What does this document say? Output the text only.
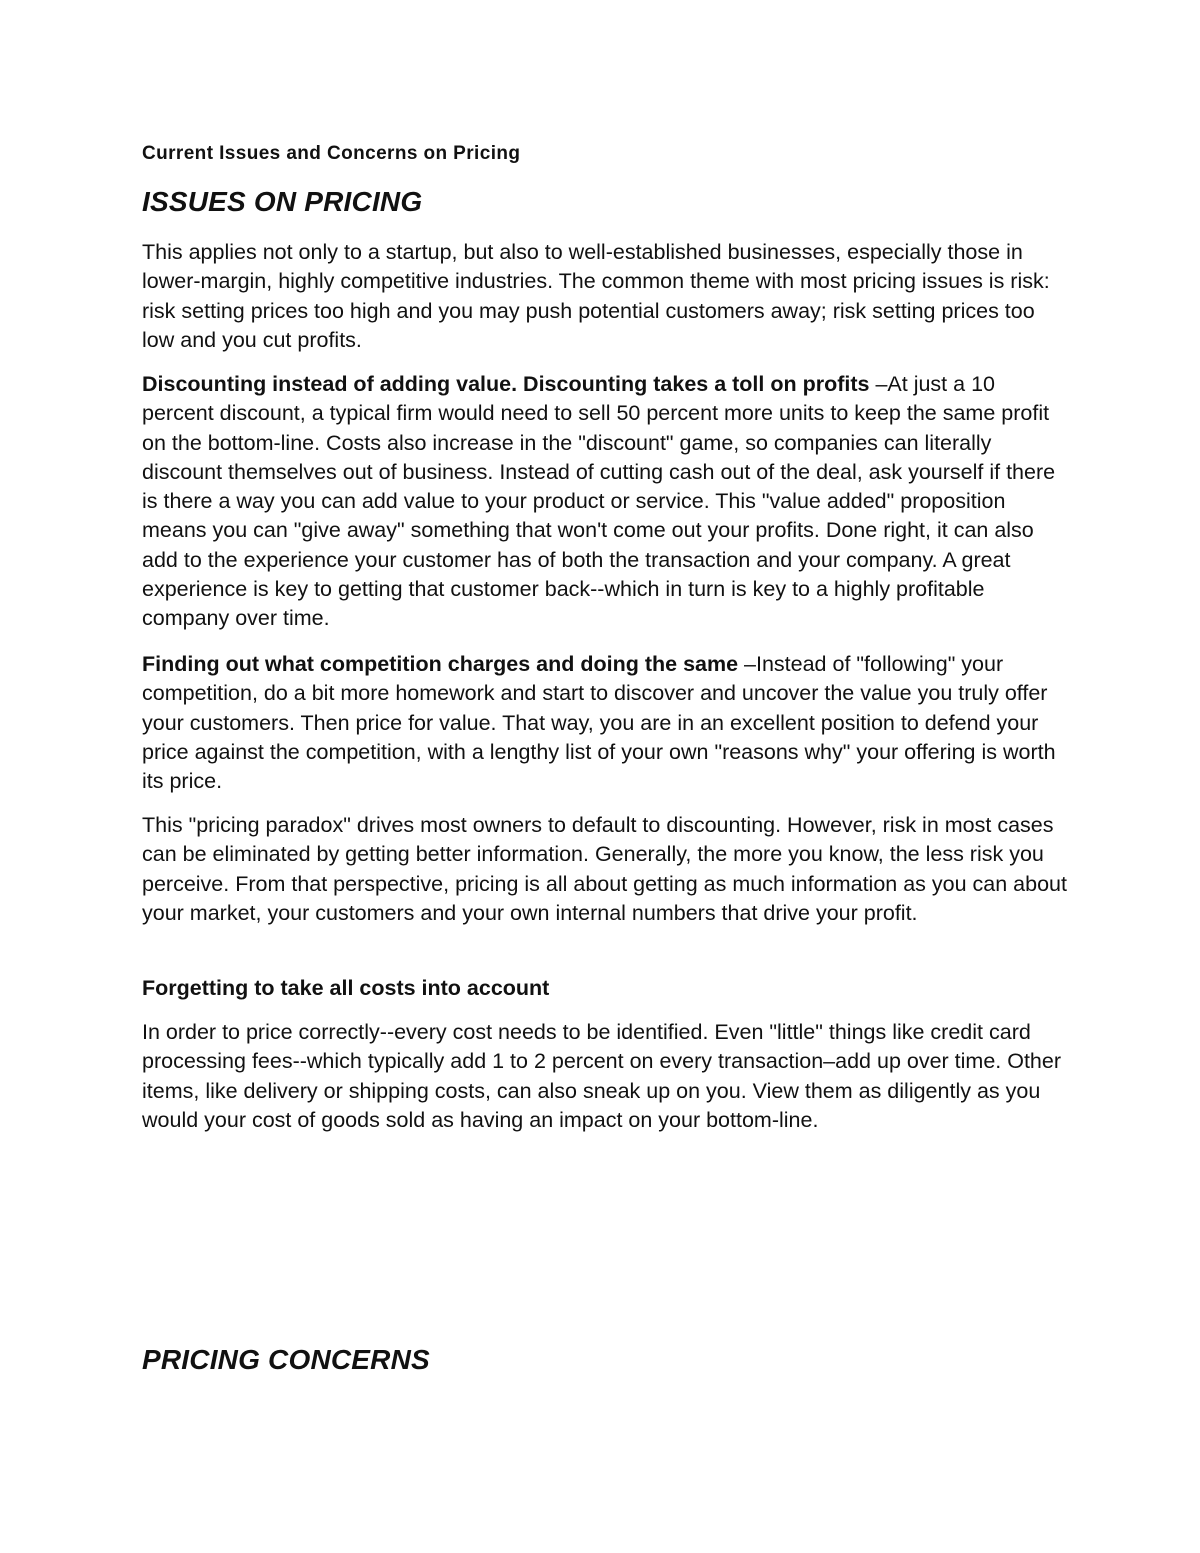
Current Issues and Concerns on Pricing

ISSUES ON PRICING

This applies not only to a startup, but also to well-established businesses, especially those in lower-margin, highly competitive industries. The common theme with most pricing issues is risk: risk setting prices too high and you may push potential customers away; risk setting prices too low and you cut profits.

Discounting instead of adding value. Discounting takes a toll on profits –At just a 10 percent discount, a typical firm would need to sell 50 percent more units to keep the same profit on the bottom-line. Costs also increase in the "discount" game, so companies can literally discount themselves out of business. Instead of cutting cash out of the deal, ask yourself if there is there a way you can add value to your product or service. This "value added" proposition means you can "give away" something that won't come out your profits. Done right, it can also add to the experience your customer has of both the transaction and your company. A great experience is key to getting that customer back--which in turn is key to a highly profitable company over time.

Finding out what competition charges and doing the same –Instead of "following" your competition, do a bit more homework and start to discover and uncover the value you truly offer your customers. Then price for value. That way, you are in an excellent position to defend your price against the competition, with a lengthy list of your own "reasons why" your offering is worth its price.

This "pricing paradox" drives most owners to default to discounting. However, risk in most cases can be eliminated by getting better information. Generally, the more you know, the less risk you perceive. From that perspective, pricing is all about getting as much information as you can about your market, your customers and your own internal numbers that drive your profit.

Forgetting to take all costs into account

In order to price correctly--every cost needs to be identified. Even "little" things like credit card processing fees--which typically add 1 to 2 percent on every transaction–add up over time. Other items, like delivery or shipping costs, can also sneak up on you. View them as diligently as you would your cost of goods sold as having an impact on your bottom-line.

PRICING CONCERNS
